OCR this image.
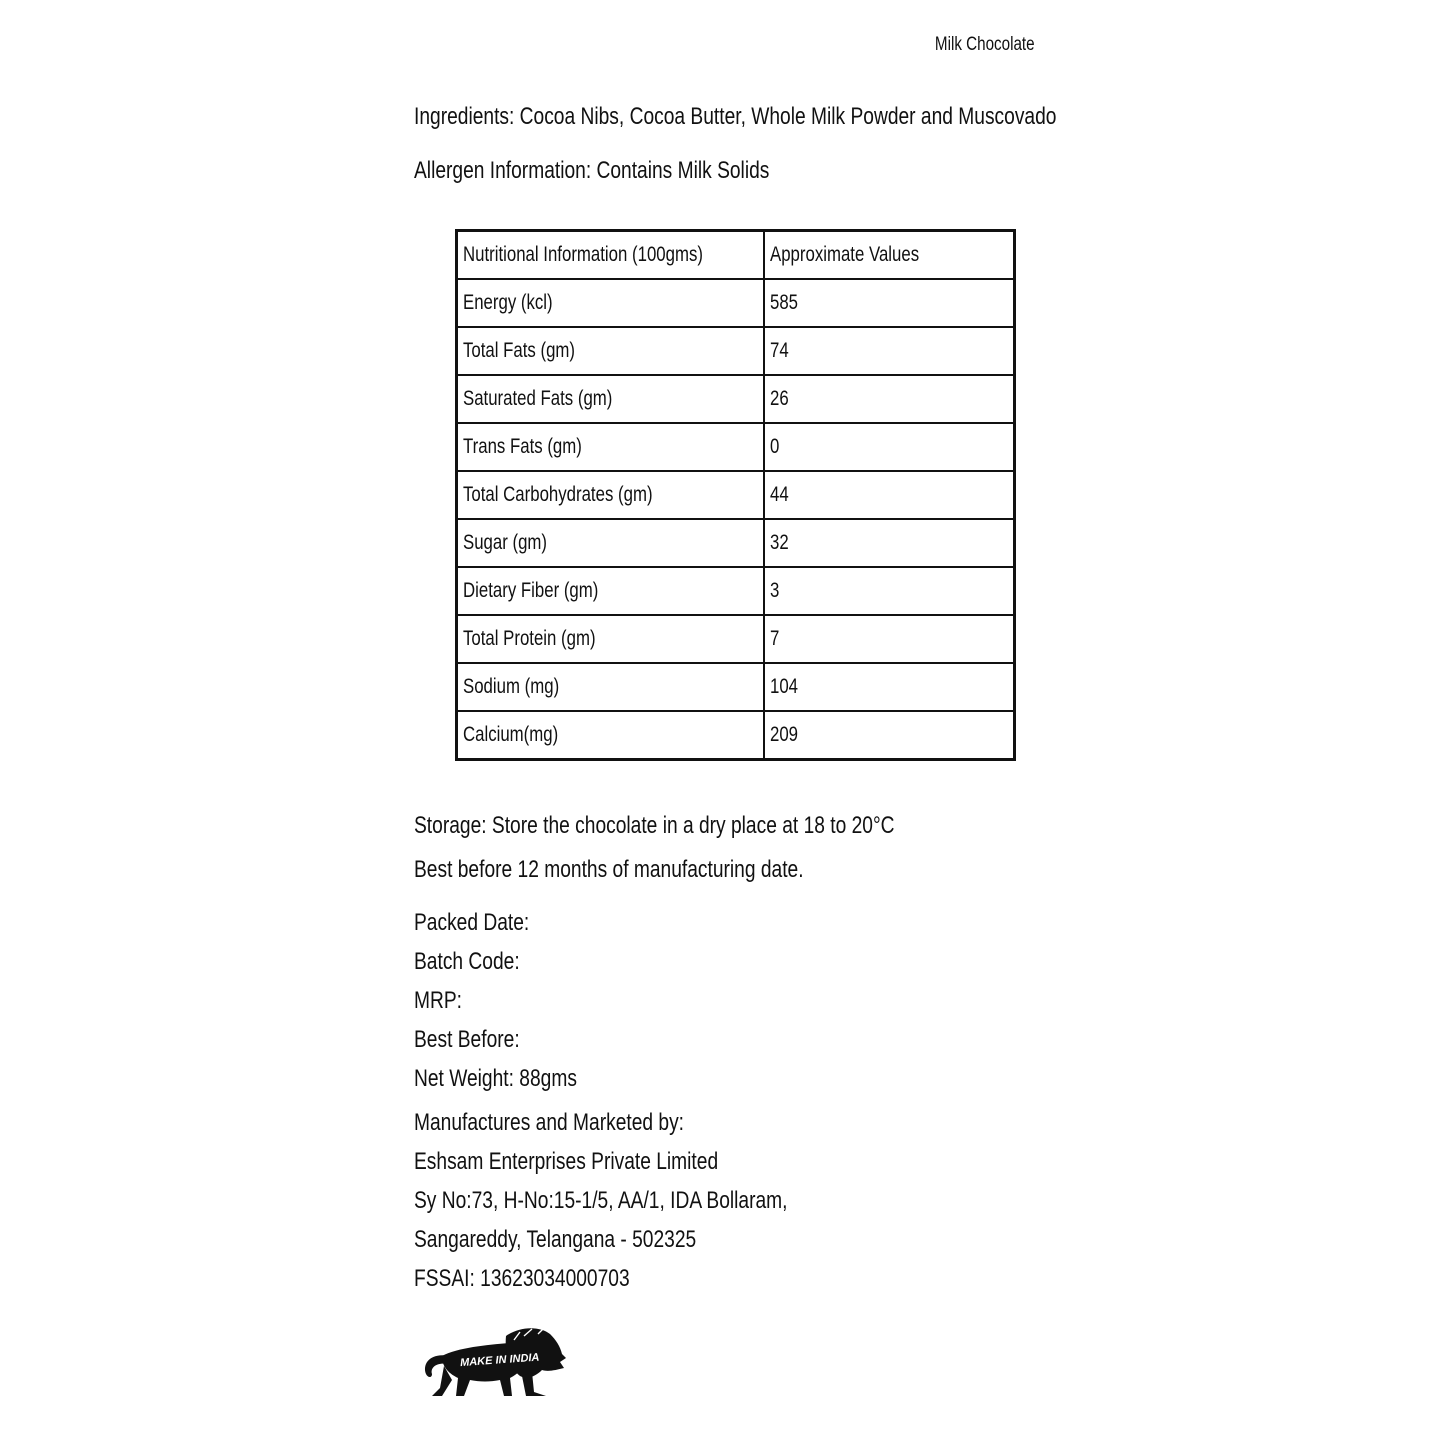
Milk Chocolate
Ingredients: Cocoa Nibs, Cocoa Butter, Whole Milk Powder and Muscovado
Allergen Information: Contains Milk Solids
Nutritional Information (100gms)	Approximate Values
Energy (kcl)	585
Total Fats (gm)	74
Saturated Fats (gm)	26
Trans Fats (gm)	0
Total Carbohydrates (gm)	44
Sugar (gm)	32
Dietary Fiber (gm)	3
Total Protein (gm)	7
Sodium (mg)	104
Calcium(mg)	209
Storage: Store the chocolate in a dry place at 18 to 20°C
Best before 12 months of manufacturing date.
Packed Date:
Batch Code:
MRP:
Best Before:
Net Weight: 88gms
Manufactures and Marketed by:
Eshsam Enterprises Private Limited
Sy No:73, H-No:15-1/5, AA/1, IDA Bollaram,
Sangareddy, Telangana - 502325
FSSAI: 13623034000703
MAKE IN INDIA
